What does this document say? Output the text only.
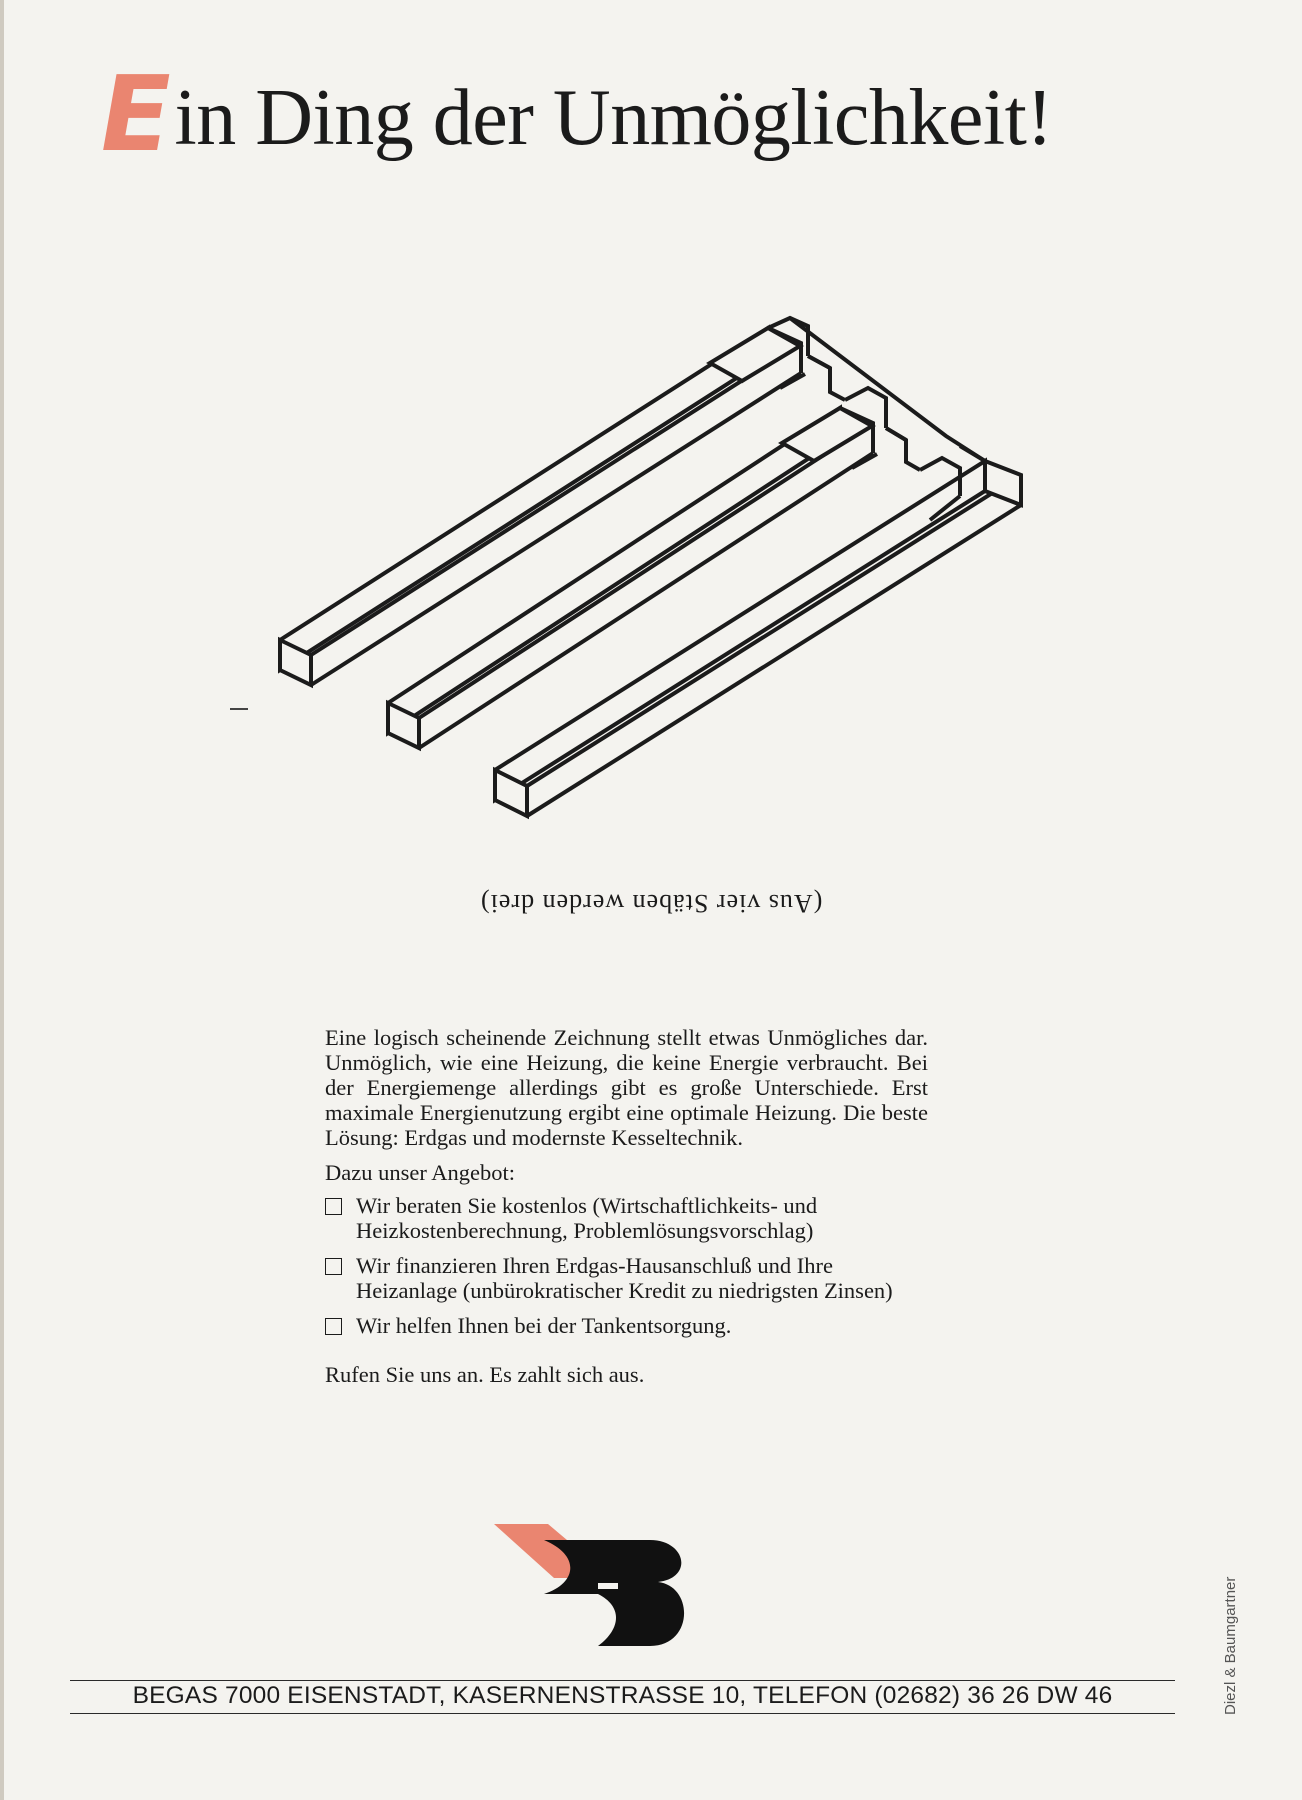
Ein Ding der Unmöglichkeit!
(Aus vier Stäben werden drei)

Eine logisch scheinende Zeichnung stellt etwas Unmögliches dar. Unmöglich, wie eine Heizung, die keine Energie verbraucht. Bei der Energiemenge allerdings gibt es große Unterschiede. Erst maximale Energienutzung ergibt eine optimale Heizung. Die beste Lösung: Erdgas und modernste Kesseltechnik.

Dazu unser Angebot:

Wir beraten Sie kostenlos (Wirtschaftlichkeits- und Heizkostenberechnung, Problemlösungsvorschlag)
Wir finanzieren Ihren Erdgas-Hausanschluß und Ihre Heizanlage (unbürokratischer Kredit zu niedrigsten Zinsen)
Wir helfen Ihnen bei der Tankentsorgung.

Rufen Sie uns an. Es zahlt sich aus.

BEGAS 7000 EISENSTADT, KASERNENSTRASSE 10, TELEFON (02682) 36 26 DW 46	Diezl & Baumgartner
